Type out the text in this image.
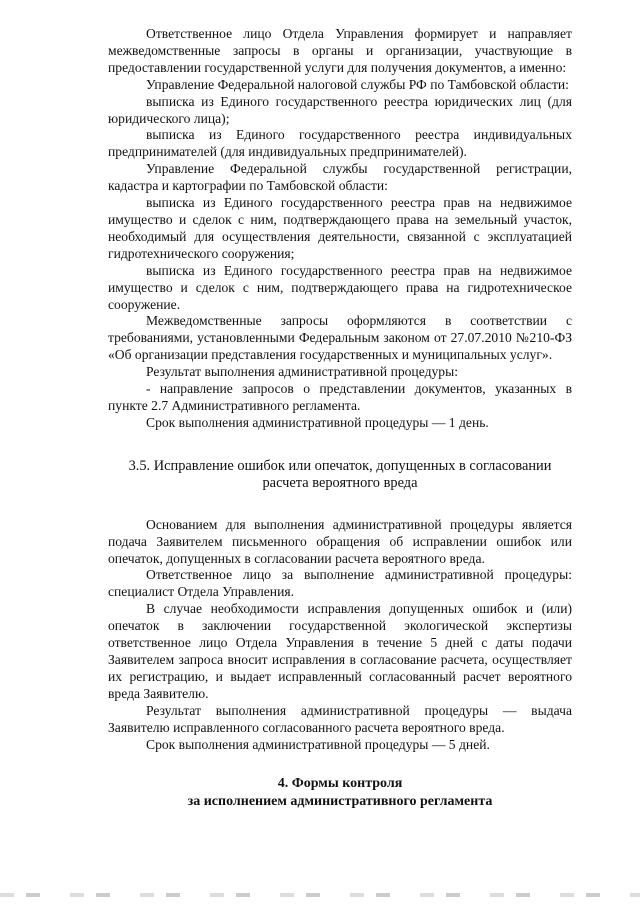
Ответственное лицо Отдела Управления формирует и направляет межведомственные запросы в органы и организации, участвующие в предоставлении государственной услуги для получения документов, а именно:

Управление Федеральной налоговой службы РФ по Тамбовской области:

выписка из Единого государственного реестра юридических лиц (для юридического лица);

выписка из Единого государственного реестра индивидуальных предпринимателей (для индивидуальных предпринимателей).

Управление Федеральной службы государственной регистрации, кадастра и картографии по Тамбовской области:

выписка из Единого государственного реестра прав на недвижимое имущество и сделок с ним, подтверждающего права на земельный участок, необходимый для осуществления деятельности, связанной с эксплуатацией гидротехнического сооружения;

выписка из Единого государственного реестра прав на недвижимое имущество и сделок с ним, подтверждающего права на гидротехническое сооружение.

Межведомственные запросы оформляются в соответствии с требованиями, установленными Федеральным законом от 27.07.2010 №210-ФЗ «Об организации представления государственных и муниципальных услуг».

Результат выполнения административной процедуры:

- направление запросов о представлении документов, указанных в пункте 2.7 Административного регламента.

Срок выполнения административной процедуры — 1 день.

3.5. Исправление ошибок или опечаток, допущенных в согласовании расчета вероятного вреда

Основанием для выполнения административной процедуры является подача Заявителем письменного обращения об исправлении ошибок или опечаток, допущенных в согласовании расчета вероятного вреда.

Ответственное лицо за выполнение административной процедуры: специалист Отдела Управления.

В случае необходимости исправления допущенных ошибок и (или) опечаток в заключении государственной экологической экспертизы ответственное лицо Отдела Управления в течение 5 дней с даты подачи Заявителем запроса вносит исправления в согласование расчета, осуществляет их регистрацию, и выдает исправленный согласованный расчет вероятного вреда Заявителю.

Результат выполнения административной процедуры — выдача Заявителю исправленного согласованного расчета вероятного вреда.

Срок выполнения административной процедуры — 5 дней.

4. Формы контроля
за исполнением административного регламента
